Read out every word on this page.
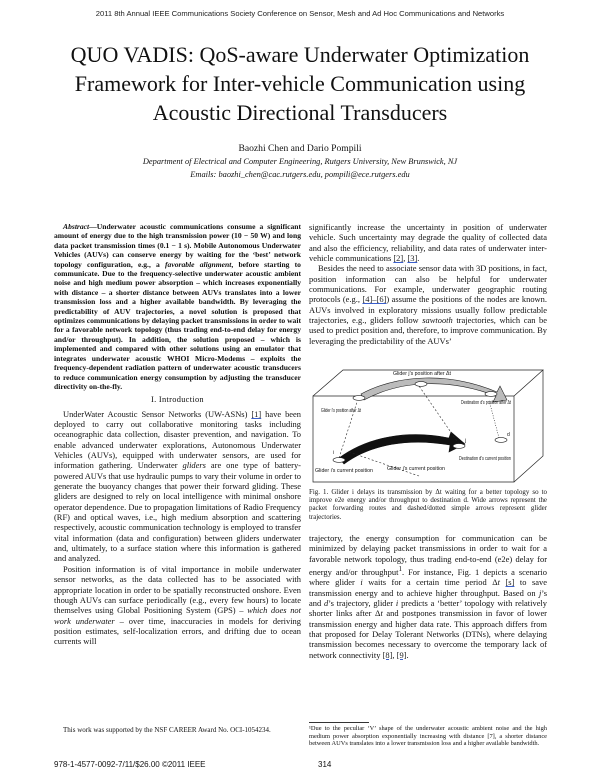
2011 8th Annual IEEE Communications Society Conference on Sensor, Mesh and Ad Hoc Communications and Networks
QUO VADIS: QoS-aware Underwater Optimization
Framework for Inter-vehicle Communication using
Acoustic Directional Transducers
Baozhi Chen and Dario Pompili
Department of Electrical and Computer Engineering, Rutgers University, New Brunswick, NJ
Emails: baozhi_chen@cac.rutgers.edu, pompili@ece.rutgers.edu

Abstract—Underwater acoustic communications consume a significant amount of energy due to the high transmission power (10 − 50 W) and long data packet transmission times (0.1 − 1 s). Mobile Autonomous Underwater Vehicles (AUVs) can conserve energy by waiting for the ‘best’ network topology configuration, e.g., a favorable alignment, before starting to communicate. Due to the frequency-selective underwater acoustic ambient noise and high medium power absorption – which increases exponentially with distance – a shorter distance between AUVs translates into a lower transmission loss and a higher available bandwidth. By leveraging the predictability of AUV trajectories, a novel solution is proposed that optimizes communications by delaying packet transmissions in order to wait for a favorable network topology (thus trading end-to-end delay for energy and/or throughput). In addition, the solution proposed – which is implemented and compared with other solutions using an emulator that integrates underwater acoustic WHOI Micro-Modems – exploits the frequency-dependent radiation pattern of underwater acoustic transducers to reduce communication energy consumption by adjusting the transducer directivity on-the-fly.

I. Introduction

UnderWater Acoustic Sensor Networks (UW-ASNs) [1] have been deployed to carry out collaborative monitoring tasks including oceanographic data collection, disaster prevention, and navigation. To enable advanced underwater explorations, Autonomous Underwater Vehicles (AUVs), equipped with underwater sensors, are used for information gathering. Underwater gliders are one type of battery-powered AUVs that use hydraulic pumps to vary their volume in order to generate the buoyancy changes that power their forward gliding. These gliders are designed to rely on local intelligence with minimal onshore operator dependence. Due to propagation limitations of Radio Frequency (RF) and optical waves, i.e., high medium absorption and scattering respectively, acoustic communication technology is employed to transfer vital information (data and configuration) between gliders underwater and, ultimately, to a surface station where this information is gathered and analyzed.

Position information is of vital importance in mobile underwater sensor networks, as the data collected has to be associated with appropriate location in order to be spatially reconstructed onshore. Even though AUVs can surface periodically (e.g., every few hours) to locate themselves using Global Positioning System (GPS) – which does not work underwater – over time, inaccuracies in models for deriving position estimates, self-localization errors, and drifting due to ocean currents will

This work was supported by the NSF CAREER Award No. OCI-1054234.

significantly increase the uncertainty in position of underwater vehicle. Such uncertainty may degrade the quality of collected data and also the efficiency, reliability, and data rates of underwater inter-vehicle communications [2], [3].

Besides the need to associate sensor data with 3D positions, in fact, position information can also be helpful for underwater communications. For example, underwater geographic routing protocols (e.g., [4]–[6]) assume the positions of the nodes are known. AUVs involved in exploratory missions usually follow predictable trajectories, e.g., gliders follow sawtooth trajectories, which can be used to predict position and, therefore, to improve communication. By leveraging the predictability of the AUVs’

Glider i's position after Δt
Glider j's position after Δt
Destination d's position after Δt
Glider i's current position	Glider j's current position
Destination d's current position
i
j
d
Fig. 1. Glider i delays its transmission by Δt waiting for a better topology so to improve e2e energy and/or throughput to destination d. Wide arrows represent the packet forwarding routes and dashed/dotted simple arrows represent glider trajectories.

trajectory, the energy consumption for communication can be minimized by delaying packet transmissions in order to wait for a favorable network topology, thus trading end-to-end (e2e) delay for energy and/or throughput$^1$. For instance, Fig. 1 depicts a scenario where glider i waits for a certain time period Δt [s] to save transmission energy and to achieve higher throughput. Based on j’s and d’s trajectory, glider i predicts a ‘better’ topology with relatively shorter links after Δt and postpones transmission in favor of lower transmission energy and higher data rate. This approach differs from that proposed for Delay Tolerant Networks (DTNs), where delaying transmission becomes necessary to overcome the temporary lack of network connectivity [8], [9].

¹Due to the peculiar ‘V’ shape of the underwater acoustic ambient noise and the high medium power absorption exponentially increasing with distance [7], a shorter distance between AUVs translates into a lower transmission loss and a higher available bandwidth.
978-1-4577-0092-7/11/$26.00 ©2011 IEEE	314
